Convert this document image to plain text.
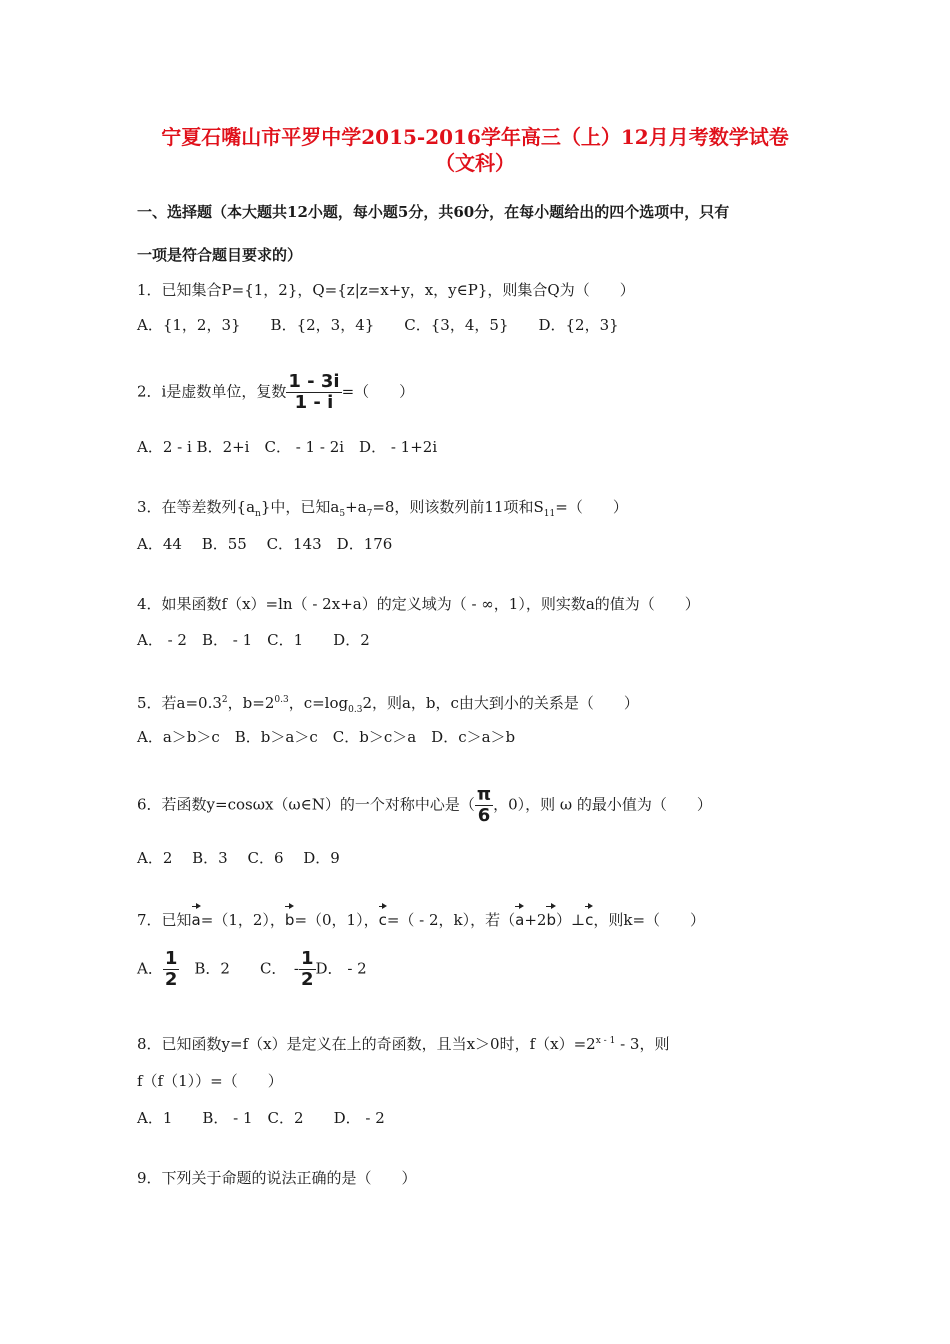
宁夏石嘴山市平罗中学2015-2016学年高三（上）12月月考数学试卷
（文科）
一、选择题（本大题共12小题，每小题5分，共60分，在每小题给出的四个选项中，只有
一项是符合题目要求的）
1．已知集合P={1，2}，Q={z|z=x+y，x，y∈P}，则集合Q为（　　）
A．{1，2，3}　　B．{2，3，4}　　C．{3，4，5}　　D．{2，3}
2．i是虚数单位，复数 $\frac{1 - 3i}{1 - i}$ =（　　）
A．2 - i B．2+i　C． - 1 - 2i　D． - 1+2i
3．在等差数列$\{a_n\}$中，已知$a_5+a_7=8$，则该数列前11项和$S_{11}=$（　　）
A．44　 B．55　 C．143　D．176
4．如果函数f（x）=ln（ - 2x+a）的定义域为（ - ∞，1），则实数a的值为（　　）
A． - 2　B． - 1　C．1　　D．2
5．若$a=0.3^2$，$b=2^{0.3}$，$c=\log_{0.3}2$，则a，b，c由大到小的关系是（　　）
A．a＞b＞c　B．b＞a＞c　C．b＞c＞a　D．c＞a＞b
6．若函数y=cosωx（ω∈N）的一个对称中心是（ $\frac{\pi}{6}$ ，0），则 ω 的最小值为（　　）
A．2　 B．3　 C．6　 D．9
7．已知a=（1，2），b=（0，1），c=（ - 2，k），若（a+2b）⊥c，则k=（　　）
A． $\frac{1}{2}$ 　B．2　　C．　- $\frac{1}{2}$ D． - 2
8．已知函数y=f（x）是定义在上的奇函数，且当x＞0时，$f(x)=2^{x - 1} - 3$，则
f（f（1））=（　　）
A．1　　B． - 1　C．2　　D． - 2
9．下列关于命题的说法正确的是（　　）
